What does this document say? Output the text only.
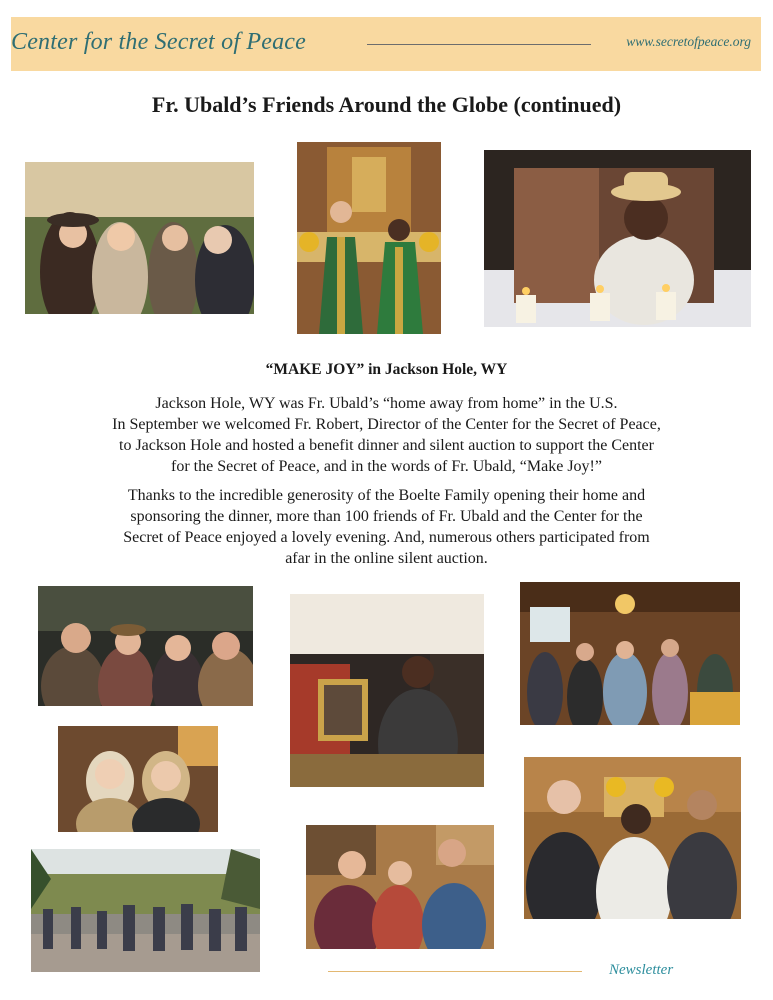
Center for the Secret of Peace	www.secretofpeace.org
Fr. Ubald’s Friends Around the Globe (continued)
“MAKE JOY” in Jackson Hole, WY

Jackson Hole, WY was Fr. Ubald’s “home away from home” in the U.S.
In September we welcomed Fr. Robert, Director of the Center for the Secret of Peace,
to Jackson Hole and hosted a benefit dinner and silent auction to support the Center
for the Secret of Peace, and in the words of Fr. Ubald, “Make Joy!”

Thanks to the incredible generosity of the Boelte Family opening their home and
sponsoring the dinner, more than 100 friends of Fr. Ubald and the Center for the
Secret of Peace enjoyed a lovely evening. And, numerous others participated from
afar in the online silent auction.

Newsletter
